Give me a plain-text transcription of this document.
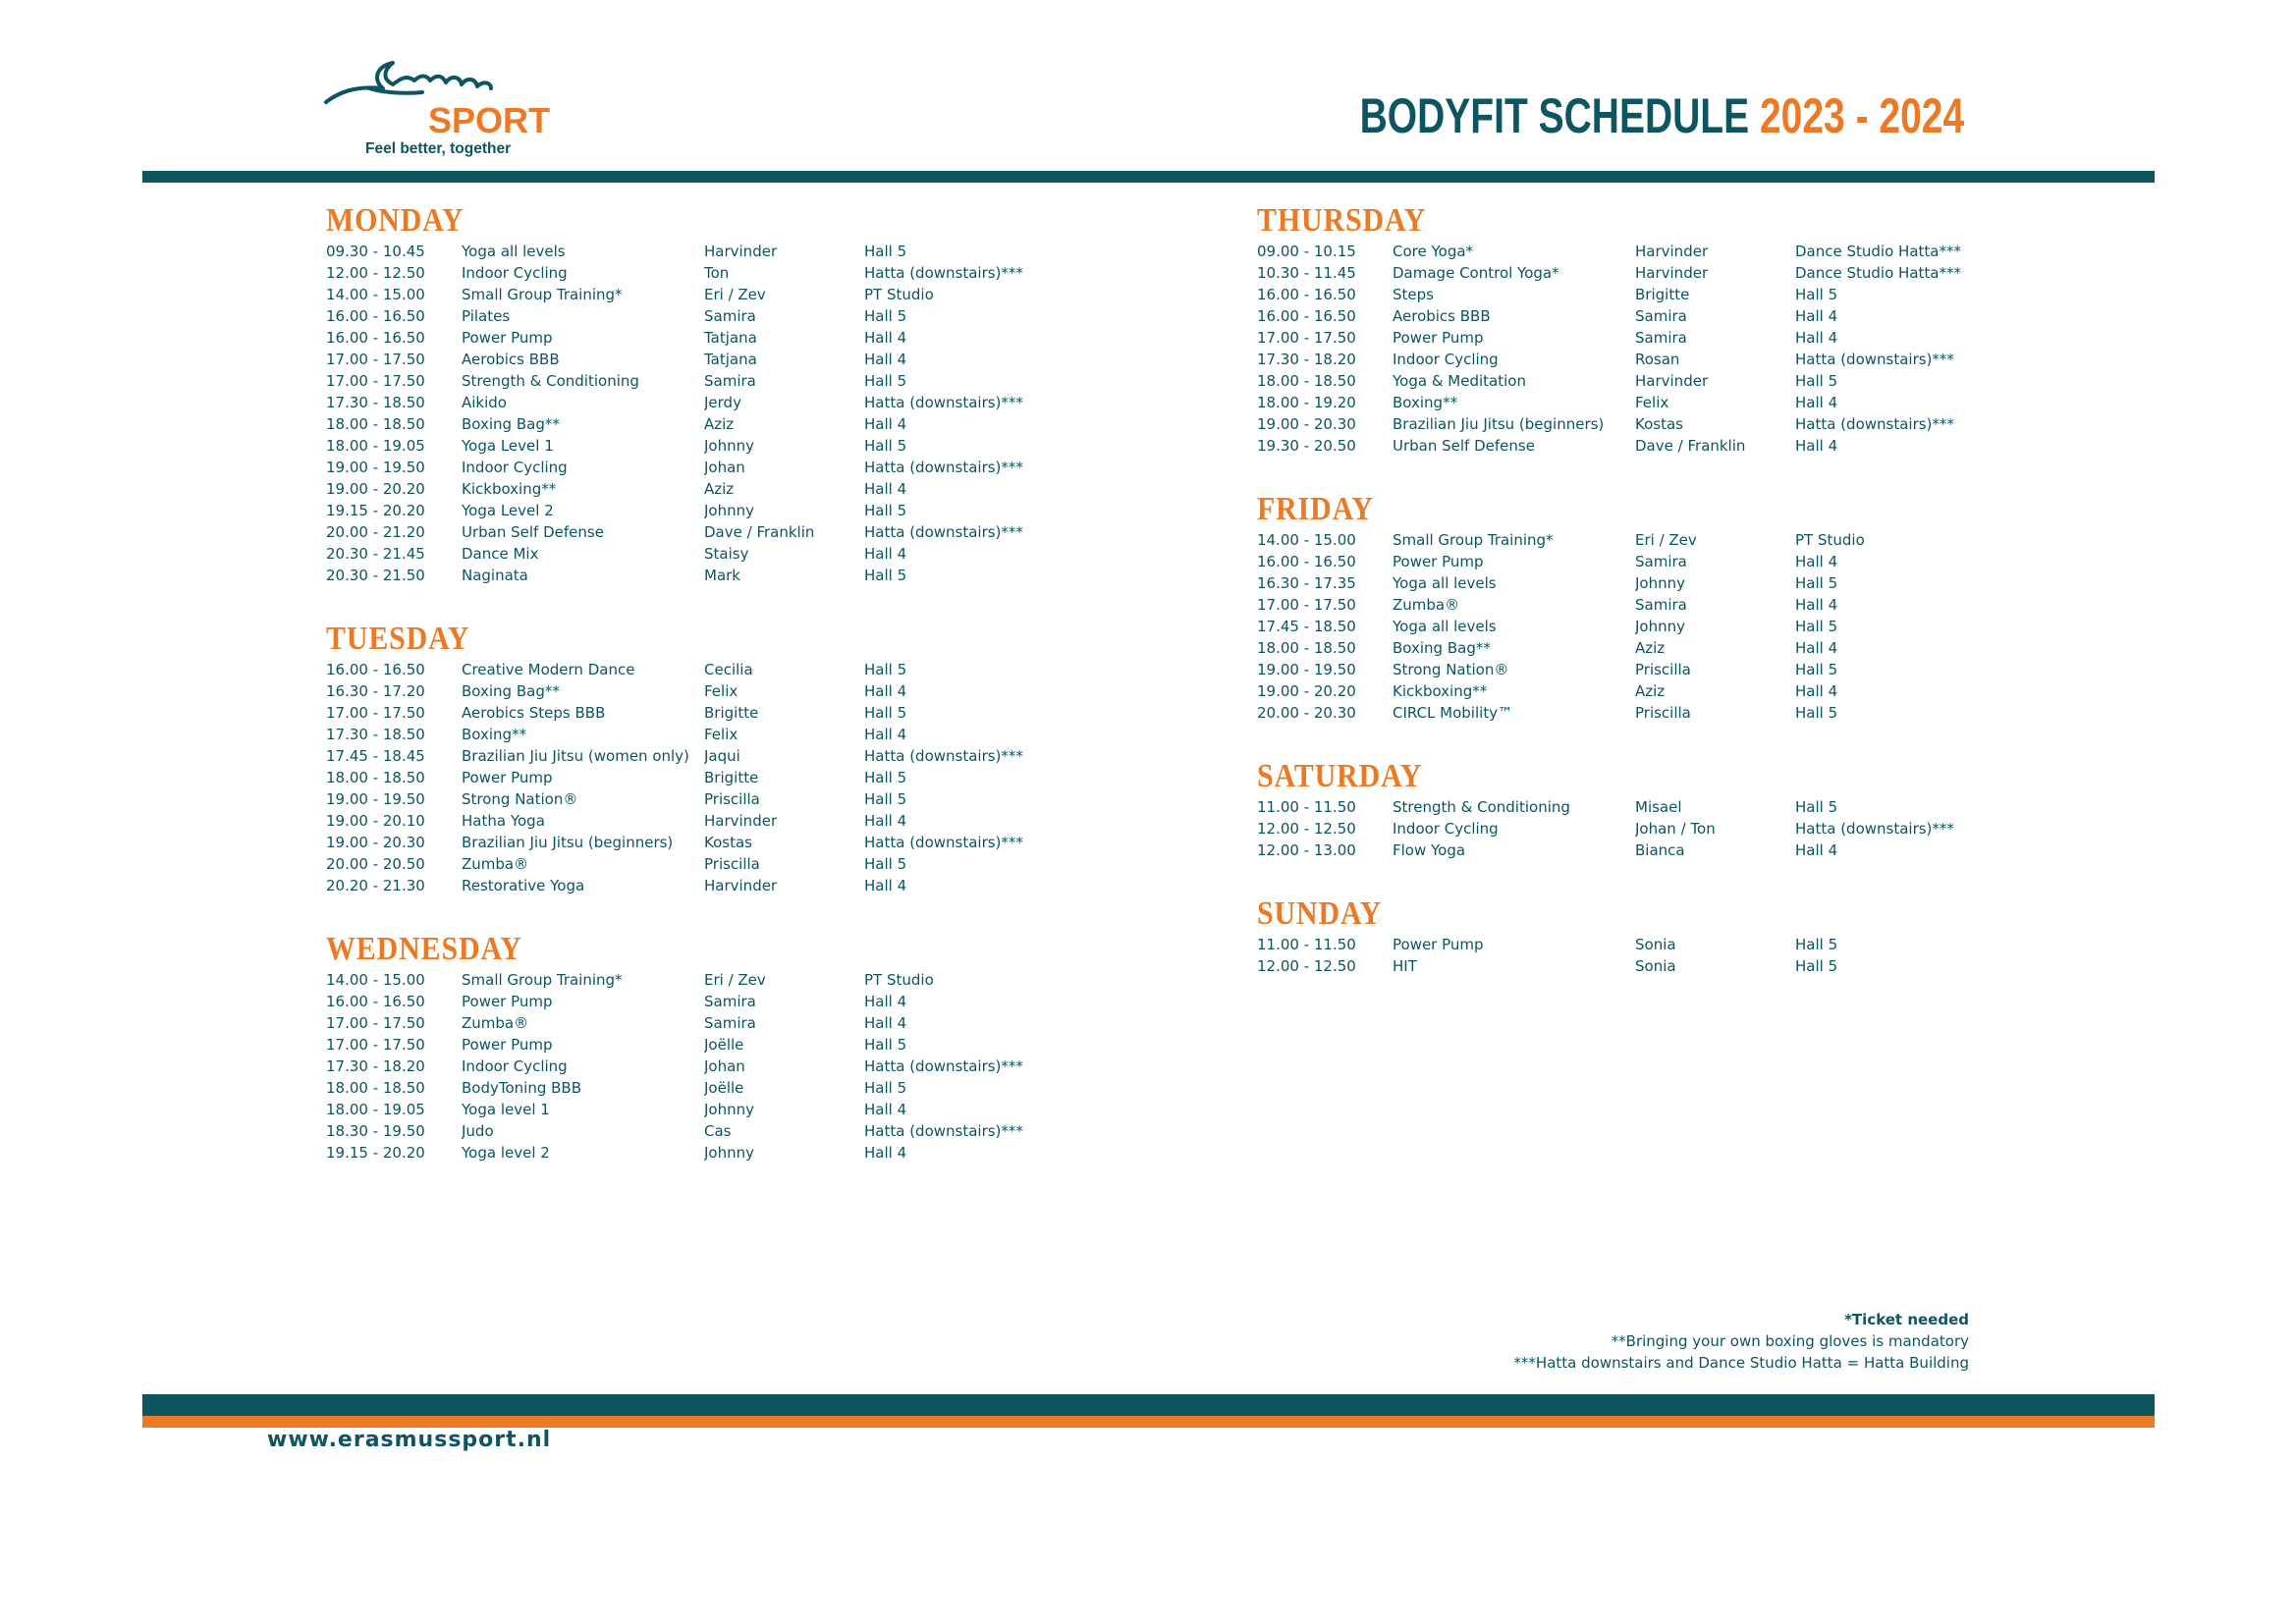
SPORT
Feel better, together
BODYFIT SCHEDULE 2023 - 2024
MONDAY
09.30 - 10.45	Yoga all levels	Harvinder	Hall 5
12.00 - 12.50	Indoor Cycling	Ton	Hatta (downstairs)***
14.00 - 15.00	Small Group Training*	Eri / Zev	PT Studio
16.00 - 16.50	Pilates	Samira	Hall 5
16.00 - 16.50	Power Pump	Tatjana	Hall 4
17.00 - 17.50	Aerobics BBB	Tatjana	Hall 4
17.00 - 17.50	Strength & Conditioning	Samira	Hall 5
17.30 - 18.50	Aikido	Jerdy	Hatta (downstairs)***
18.00 - 18.50	Boxing Bag**	Aziz	Hall 4
18.00 - 19.05	Yoga Level 1	Johnny	Hall 5
19.00 - 19.50	Indoor Cycling	Johan	Hatta (downstairs)***
19.00 - 20.20	Kickboxing**	Aziz	Hall 4
19.15 - 20.20	Yoga Level 2	Johnny	Hall 5
20.00 - 21.20	Urban Self Defense	Dave / Franklin	Hatta (downstairs)***
20.30 - 21.45	Dance Mix	Staisy	Hall 4
20.30 - 21.50	Naginata	Mark	Hall 5
TUESDAY
16.00 - 16.50	Creative Modern Dance	Cecilia	Hall 5
16.30 - 17.20	Boxing Bag**	Felix	Hall 4
17.00 - 17.50	Aerobics Steps BBB	Brigitte	Hall 5
17.30 - 18.50	Boxing**	Felix	Hall 4
17.45 - 18.45	Brazilian Jiu Jitsu (women only)	Jaqui	Hatta (downstairs)***
18.00 - 18.50	Power Pump	Brigitte	Hall 5
19.00 - 19.50	Strong Nation®	Priscilla	Hall 5
19.00 - 20.10	Hatha Yoga	Harvinder	Hall 4
19.00 - 20.30	Brazilian Jiu Jitsu (beginners)	Kostas	Hatta (downstairs)***
20.00 - 20.50	Zumba®	Priscilla	Hall 5
20.20 - 21.30	Restorative Yoga	Harvinder	Hall 4
WEDNESDAY
14.00 - 15.00	Small Group Training*	Eri / Zev	PT Studio
16.00 - 16.50	Power Pump	Samira	Hall 4
17.00 - 17.50	Zumba®	Samira	Hall 4
17.00 - 17.50	Power Pump	Joëlle	Hall 5
17.30 - 18.20	Indoor Cycling	Johan	Hatta (downstairs)***
18.00 - 18.50	BodyToning BBB	Joëlle	Hall 5
18.00 - 19.05	Yoga level 1	Johnny	Hall 4
18.30 - 19.50	Judo	Cas	Hatta (downstairs)***
19.15 - 20.20	Yoga level 2	Johnny	Hall 4
THURSDAY
09.00 - 10.15	Core Yoga*	Harvinder	Dance Studio Hatta***
10.30 - 11.45	Damage Control Yoga*	Harvinder	Dance Studio Hatta***
16.00 - 16.50	Steps	Brigitte	Hall 5
16.00 - 16.50	Aerobics BBB	Samira	Hall 4
17.00 - 17.50	Power Pump	Samira	Hall 4
17.30 - 18.20	Indoor Cycling	Rosan	Hatta (downstairs)***
18.00 - 18.50	Yoga & Meditation	Harvinder	Hall 5
18.00 - 19.20	Boxing**	Felix	Hall 4
19.00 - 20.30	Brazilian Jiu Jitsu (beginners)	Kostas	Hatta (downstairs)***
19.30 - 20.50	Urban Self Defense	Dave / Franklin	Hall 4
FRIDAY
14.00 - 15.00	Small Group Training*	Eri / Zev	PT Studio
16.00 - 16.50	Power Pump	Samira	Hall 4
16.30 - 17.35	Yoga all levels	Johnny	Hall 5
17.00 - 17.50	Zumba®	Samira	Hall 4
17.45 - 18.50	Yoga all levels	Johnny	Hall 5
18.00 - 18.50	Boxing Bag**	Aziz	Hall 4
19.00 - 19.50	Strong Nation®	Priscilla	Hall 5
19.00 - 20.20	Kickboxing**	Aziz	Hall 4
20.00 - 20.30	CIRCL Mobility™	Priscilla	Hall 5
SATURDAY
11.00 - 11.50	Strength & Conditioning	Misael	Hall 5
12.00 - 12.50	Indoor Cycling	Johan / Ton	Hatta (downstairs)***
12.00 - 13.00	Flow Yoga	Bianca	Hall 4
SUNDAY
11.00 - 11.50	Power Pump	Sonia	Hall 5
12.00 - 12.50	HIT	Sonia	Hall 5
*Ticket needed
**Bringing your own boxing gloves is mandatory
***Hatta downstairs and Dance Studio Hatta = Hatta Building
www.erasmussport.nl
